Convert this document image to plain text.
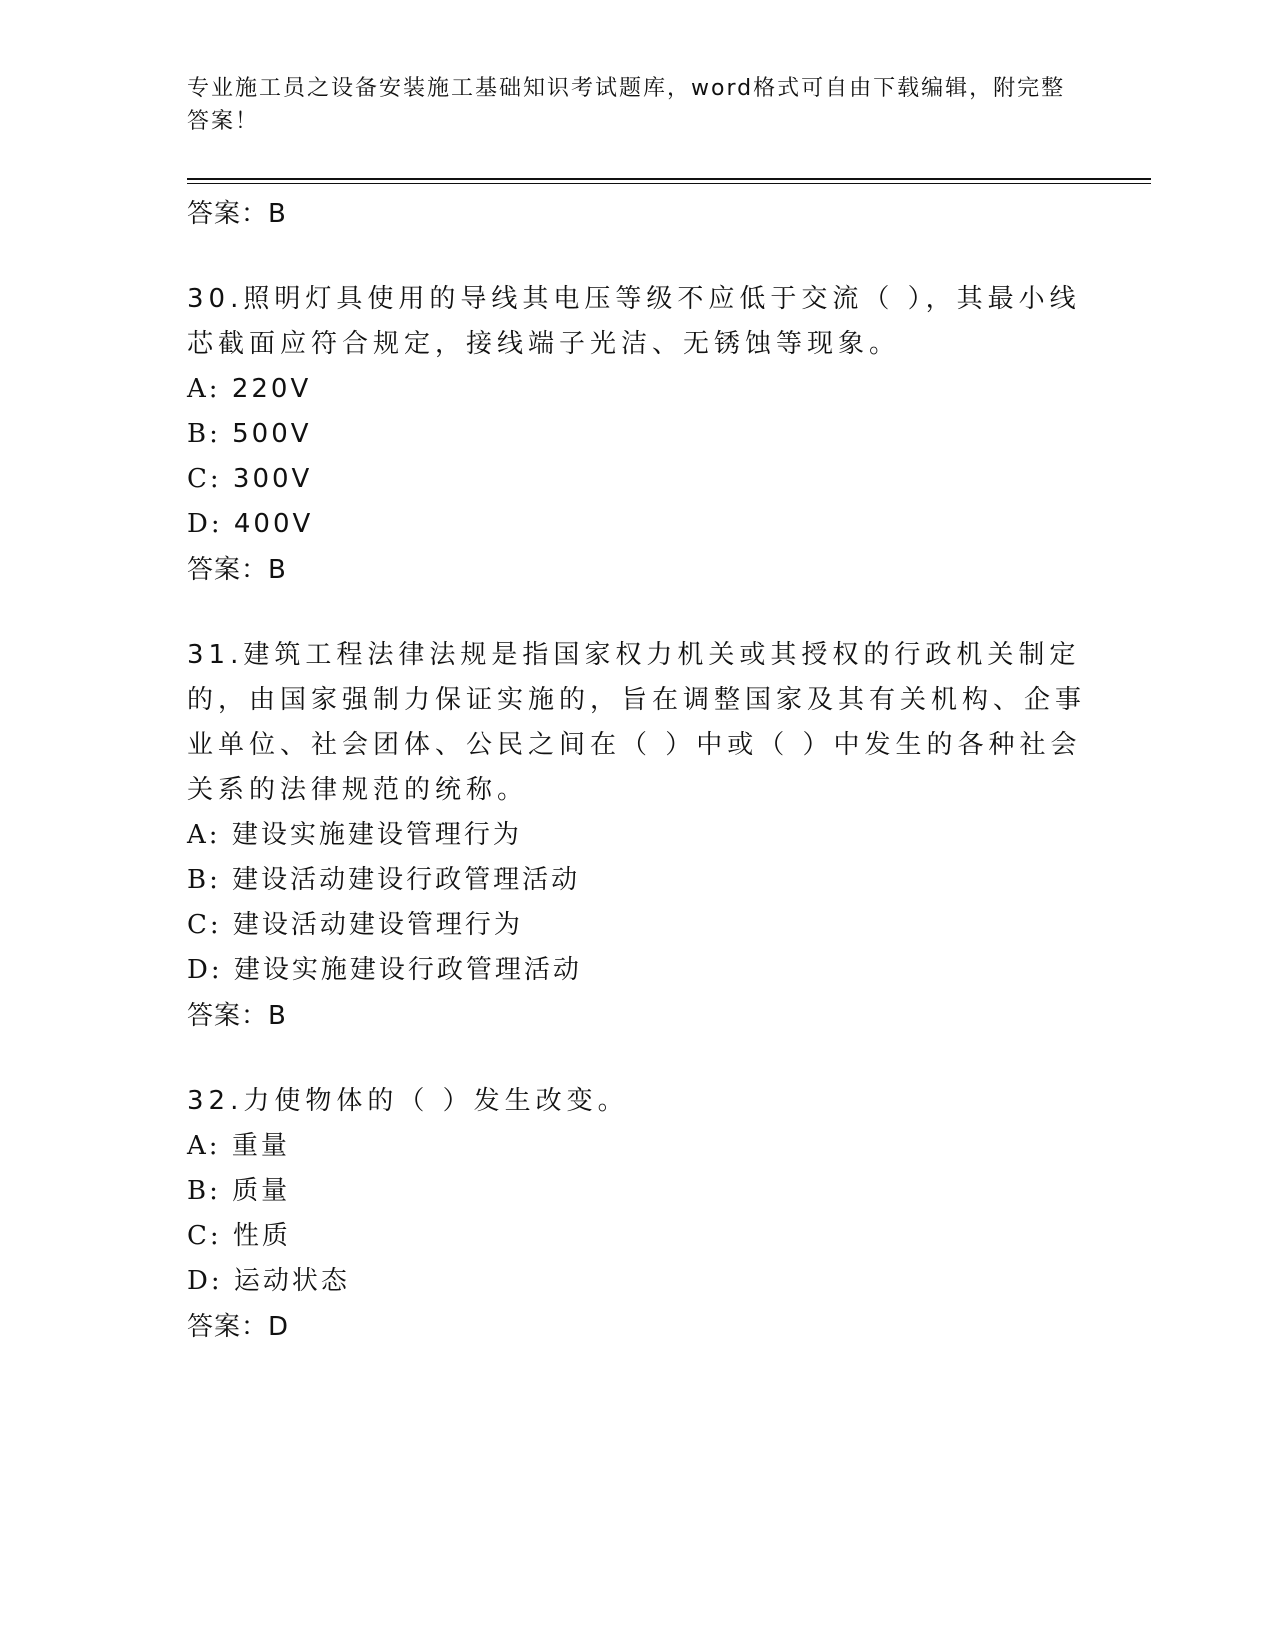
专业施工员之设备安装施工基础知识考试题库，word格式可自由下载编辑，附完整答案！
答案：B
30.照明灯具使用的导线其电压等级不应低于交流（ ），其最小线芯截面应符合规定，接线端子光洁、无锈蚀等现象。
A: 220V
B: 500V
C: 300V
D: 400V
答案：B
31.建筑工程法律法规是指国家权力机关或其授权的行政机关制定的，由国家强制力保证实施的，旨在调整国家及其有关机构、企事业单位、社会团体、公民之间在（ ）中或（ ）中发生的各种社会关系的法律规范的统称。
A: 建设实施建设管理行为
B: 建设活动建设行政管理活动
C: 建设活动建设管理行为
D: 建设实施建设行政管理活动
答案：B
32.力使物体的（ ）发生改变。
A: 重量
B: 质量
C: 性质
D: 运动状态
答案：D
